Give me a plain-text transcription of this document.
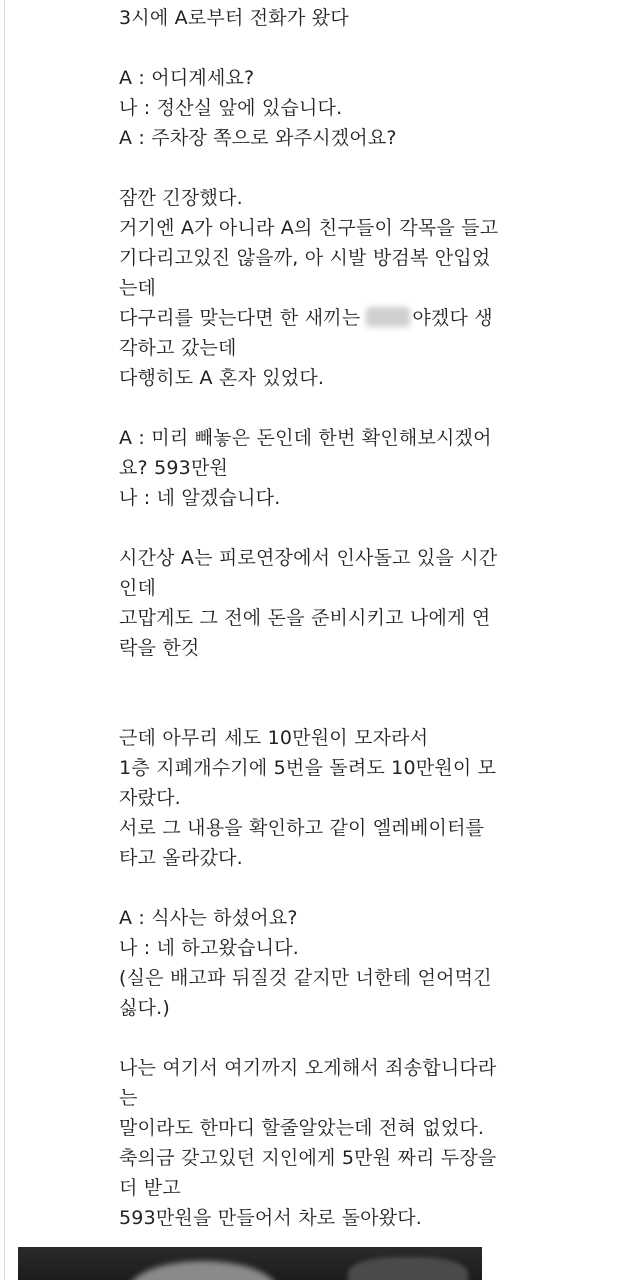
3시에 A로부터 전화가 왔다
A : 어디계세요?
나 : 정산실 앞에 있습니다.
A : 주차장 쪽으로 와주시겠어요?
잠깐 긴장했다.
거기엔 A가 아니라 A의 친구들이 각목을 들고
기다리고있진 않을까, 아 시발 방검복 안입었
는데
다구리를 맞는다면 한 새끼는	야겠다 생
각하고 갔는데
다행히도 A 혼자 있었다.
A : 미리 빼놓은 돈인데 한번 확인해보시겠어
요? 593만원
나 : 네 알겠습니다.
시간상 A는 피로연장에서 인사돌고 있을 시간
인데
고맙게도 그 전에 돈을 준비시키고 나에게 연
락을 한것
근데 아무리 세도 10만원이 모자라서
1층 지폐개수기에 5번을 돌려도 10만원이 모
자랐다.
서로 그 내용을 확인하고 같이 엘레베이터를
타고 올라갔다.
A : 식사는 하셨어요?
나 : 네 하고왔습니다.
(실은 배고파 뒤질것 같지만 너한테 얻어먹긴
싫다.)
나는 여기서 여기까지 오게해서 죄송합니다라
는
말이라도 한마디 할줄알았는데 전혀 없었다.
축의금 갖고있던 지인에게 5만원 짜리 두장을
더 받고
593만원을 만들어서 차로 돌아왔다.
